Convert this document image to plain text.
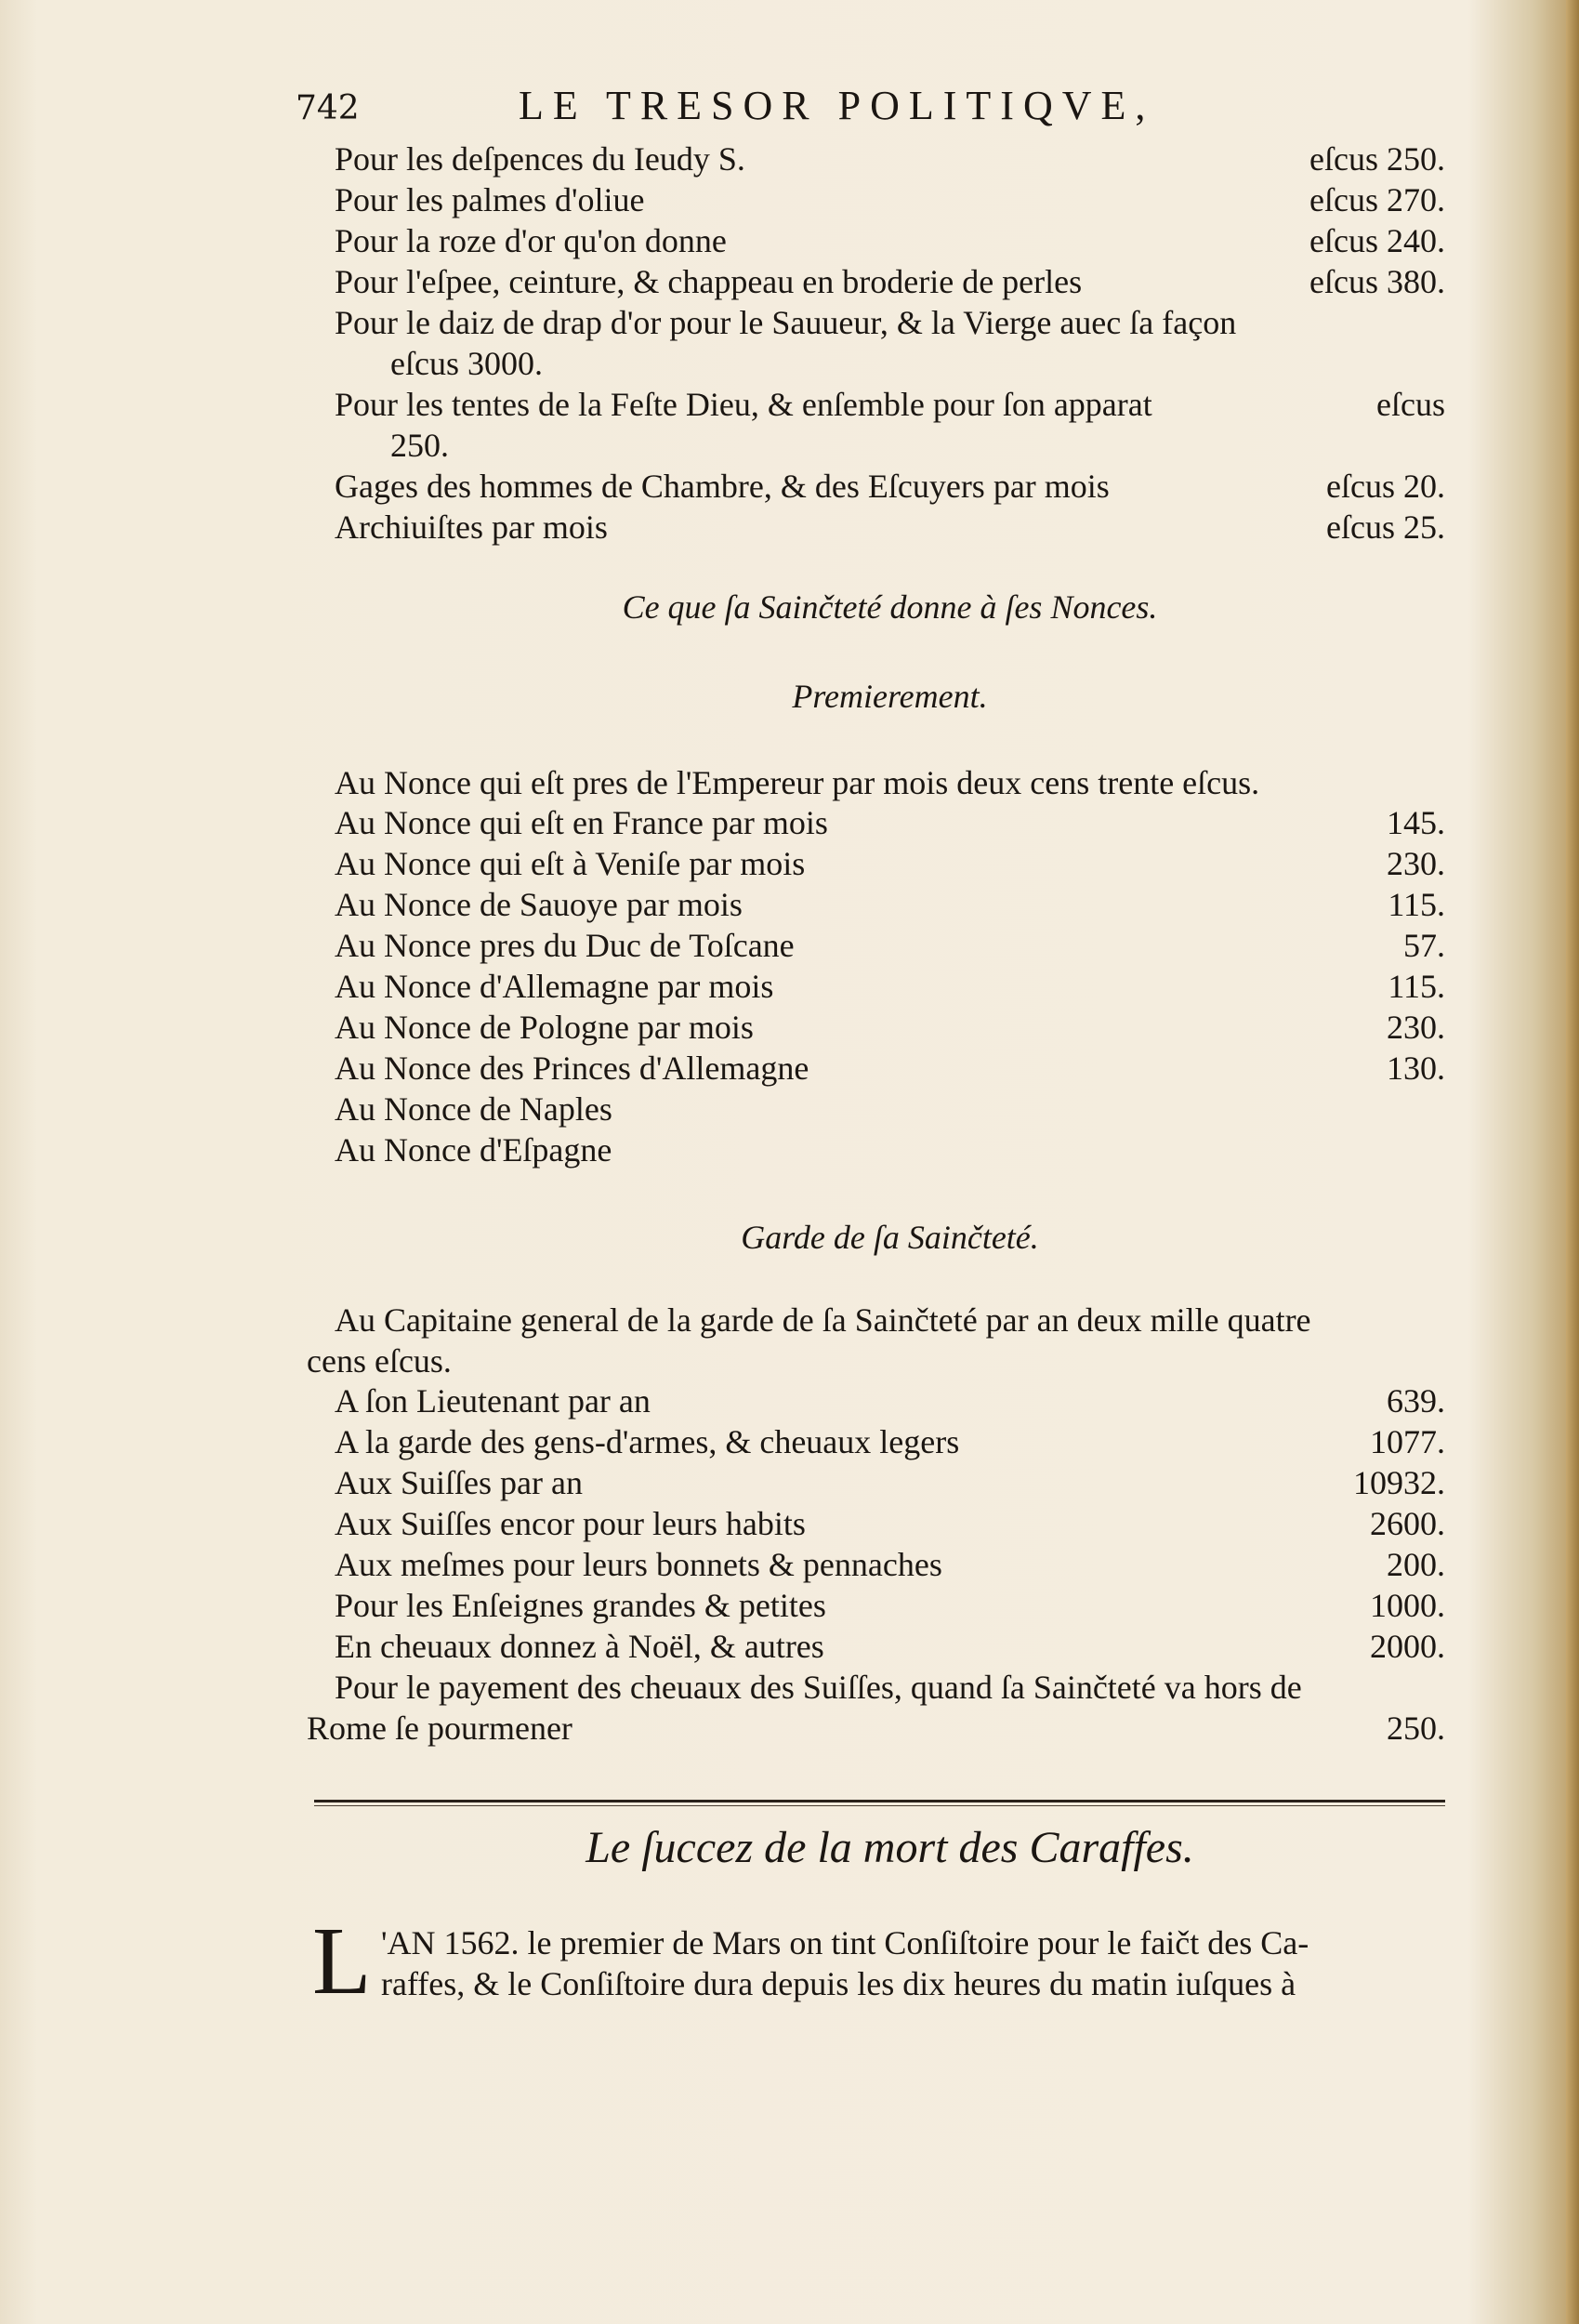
742	LE TRESOR POLITIQVE,
Pour les deſpences du Ieudy S.	eſcus 250.
Pour les palmes d'oliue	eſcus 270.
Pour la roze d'or qu'on donne	eſcus 240.
Pour l'eſpee, ceinture, & chappeau en broderie de perles	eſcus 380.
Pour le daiz de drap d'or pour le Sauueur, & la Vierge auec ſa façon
eſcus 3000.
Pour les tentes de la Feſte Dieu, & enſemble pour ſon apparat	eſcus
250.
Gages des hommes de Chambre, & des Eſcuyers par mois	eſcus 20.
Archiuiſtes par mois	eſcus 25.
Ce que ſa Sainčteté donne à ſes Nonces.
Premierement.
Au Nonce qui eſt pres de l'Empereur par mois deux cens trente eſcus.
Au Nonce qui eſt en France par mois	145.
Au Nonce qui eſt à Veniſe par mois	230.
Au Nonce de Sauoye par mois	115.
Au Nonce pres du Duc de Toſcane	57.
Au Nonce d'Allemagne par mois	115.
Au Nonce de Pologne par mois	230.
Au Nonce des Princes d'Allemagne	130.
Au Nonce de Naples
Au Nonce d'Eſpagne
Garde de ſa Sainčteté.
Au Capitaine general de la garde de ſa Sainčteté par an deux mille quatre
cens eſcus.
A ſon Lieutenant par an	639.
A la garde des gens-d'armes, & cheuaux legers	1077.
Aux Suiſſes par an	10932.
Aux Suiſſes encor pour leurs habits	2600.
Aux meſmes pour leurs bonnets & pennaches	200.
Pour les Enſeignes grandes & petites	1000.
En cheuaux donnez à Noël, & autres	2000.
Pour le payement des cheuaux des Suiſſes, quand ſa Sainčteté va hors de
Rome ſe pourmener	250.
Le ſuccez de la mort des Caraffes.
L 'AN 1562. le premier de Mars on tint Conſiſtoire pour le faičt des Ca-
raffes, & le Conſiſtoire dura depuis les dix heures du matin iuſques à
